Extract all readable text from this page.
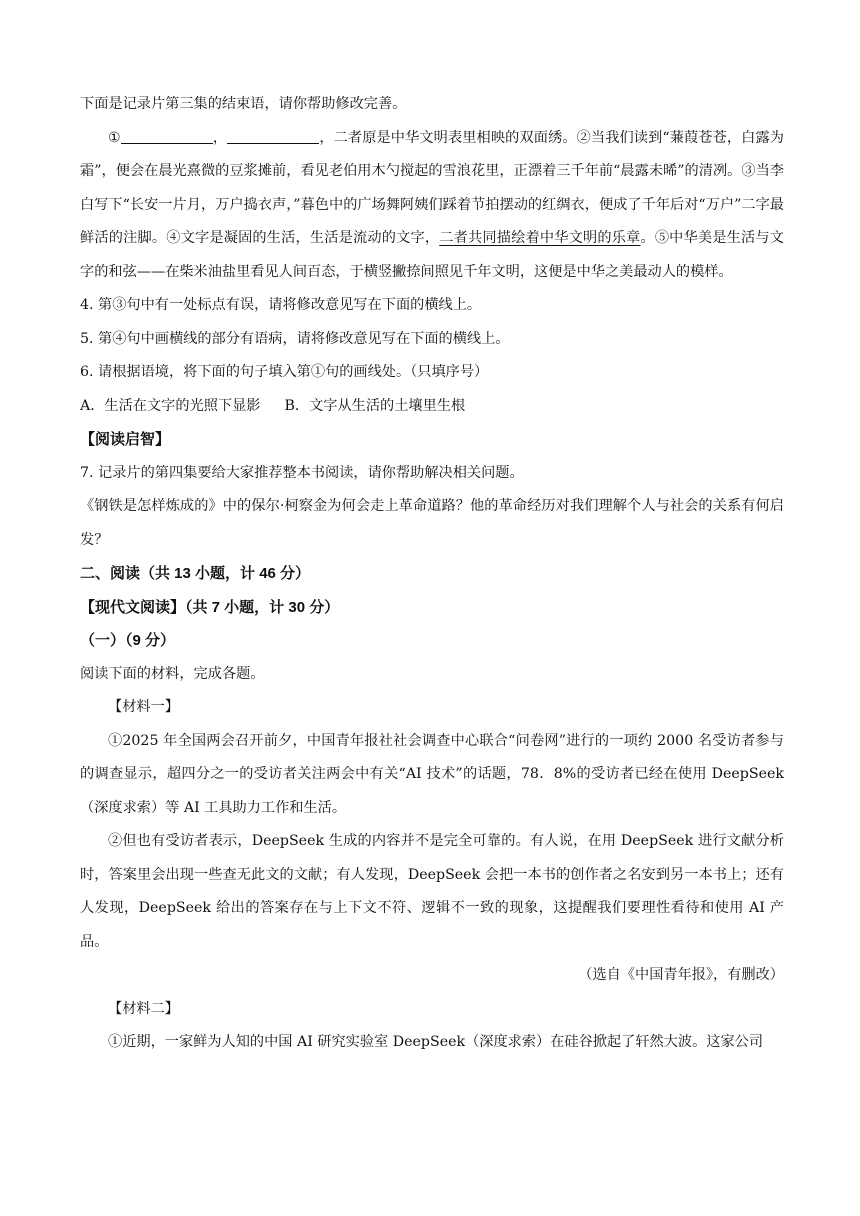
下面是记录片第三集的结束语，请你帮助修改完善。

①	，	，二者原是中华文明表里相映的双面绣。②当我们读到“蒹葭苍苍，白露为霜”，便会在晨光熹微的豆浆摊前，看见老伯用木勺搅起的雪浪花里，正漂着三千年前“晨露未晞”的清冽。③当李白写下“长安一片月，万户捣衣声，”暮色中的广场舞阿姨们踩着节拍摆动的红绸衣，便成了千年后对“万户”二字最鲜活的注脚。④文字是凝固的生活，生活是流动的文字，二者共同描绘着中华文明的乐章。⑤中华美是生活与文字的和弦——在柴米油盐里看见人间百态，于横竖撇捺间照见千年文明，这便是中华之美最动人的模样。

4. 第③句中有一处标点有误，请将修改意见写在下面的横线上。
5. 第④句中画横线的部分有语病，请将修改意见写在下面的横线上。
6. 请根据语境，将下面的句子填入第①句的画线处。（只填序号）
A．生活在文字的光照下显影 B．文字从生活的土壤里生根
【阅读启智】
7. 记录片的第四集要给大家推荐整本书阅读，请你帮助解决相关问题。

《钢铁是怎样炼成的》中的保尔·柯察金为何会走上革命道路？他的革命经历对我们理解个人与社会的关系有何启发？

二、阅读（共 13 小题，计 46 分）
【现代文阅读】（共 7 小题，计 30 分）
（一）（9 分）
阅读下面的材料，完成各题。
【材料一】

①2025 年全国两会召开前夕，中国青年报社社会调查中心联合“问卷网”进行的一项约 2000 名受访者参与的调查显示，超四分之一的受访者关注两会中有关“AI 技术”的话题，78．8%的受访者已经在使用 DeepSeek（深度求索）等 AI 工具助力工作和生活。

②但也有受访者表示，DeepSeek 生成的内容并不是完全可靠的。有人说，在用 DeepSeek 进行文献分析时，答案里会出现一些查无此文的文献；有人发现，DeepSeek 会把一本书的创作者之名安到另一本书上；还有人发现，DeepSeek 给出的答案存在与上下文不符、逻辑不一致的现象，这提醒我们要理性看待和使用 AI 产品。

（选自《中国青年报》，有删改）
【材料二】

①近期，一家鲜为人知的中国 AI 研究实验室 DeepSeek（深度求索）在硅谷掀起了轩然大波。这家公司
